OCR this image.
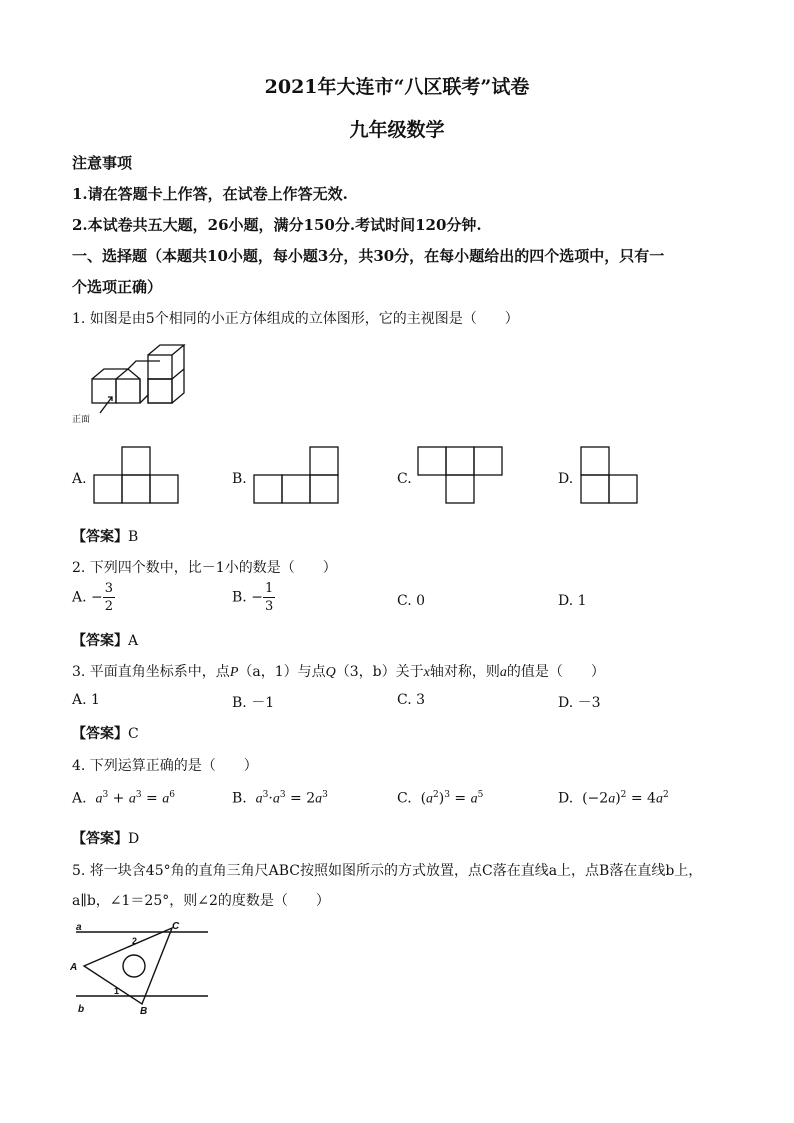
2021年大连市“八区联考”试卷
九年级数学
注意事项
1.请在答题卡上作答，在试卷上作答无效.
2.本试卷共五大题，26小题，满分150分.考试时间120分钟.
一、选择题（本题共10小题，每小题3分，共30分，在每小题给出的四个选项中，只有一
个选项正确）
1. 如图是由5个相同的小正方体组成的立体图形，它的主视图是（　　）
正面
A.	B.	C.	D.
【答案】B
2. 下列四个数中，比－1小的数是（　　）
A. − $\frac{3}{2}$	B. − $\frac{1}{3}$	C. 0	D. 1
【答案】A
3. 平面直角坐标系中，点P（a，1）与点Q（3，b）关于x轴对称，则a的值是（　　）
A. 1	B. －1	C. 3	D. －3
【答案】C
4. 下列运算正确的是（　　）
A. $a^3 + a^3 = a^6$	B. $a^3\cdot a^3 = 2a^3$	C.  $(a^2)^3 = a^5$	D.  $(-2a)^2 = 4a^2$
【答案】D
5. 将一块含45°角的直角三角尺ABC按照如图所示的方式放置，点C落在直线a上，点B落在直线b上，
a∥b，∠1＝25°，则∠2的度数是（　　）
a
b
A
B
C
1
2
